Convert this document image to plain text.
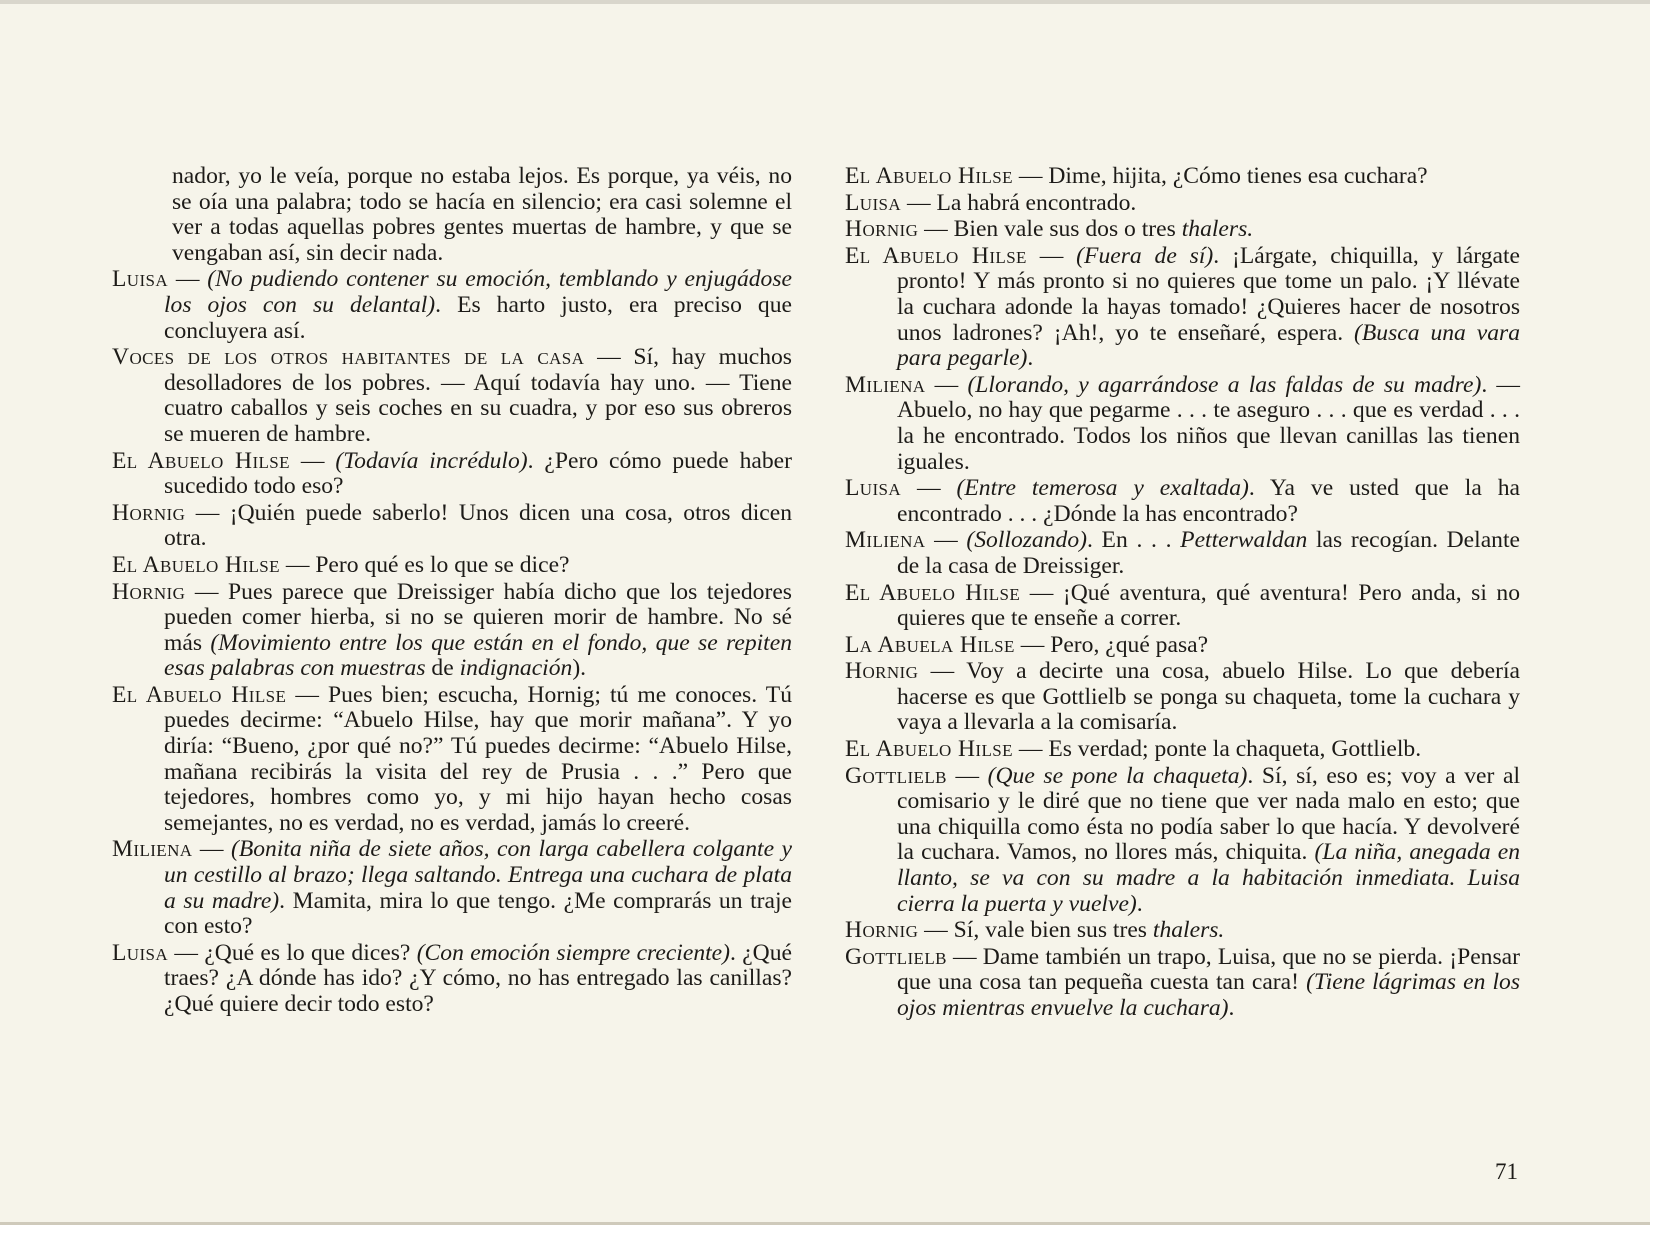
nador, yo le veía, porque no estaba lejos. Es porque, ya véis, no se oía una palabra; todo se hacía en silencio; era casi solemne el ver a todas aquellas pobres gentes muertas de hambre, y que se vengaban así, sin decir nada.
Luisa — (No pudiendo contener su emoción, temblando y enjugádose los ojos con su delantal). Es harto justo, era preciso que concluyera así.
Voces de los otros habitantes de la casa — Sí, hay muchos desolladores de los pobres. — Aquí todavía hay uno. — Tiene cuatro caballos y seis coches en su cuadra, y por eso sus obreros se mueren de hambre.
El Abuelo Hilse — (Todavía incrédulo). ¿Pero cómo puede haber sucedido todo eso?
Hornig — ¡Quién puede saberlo! Unos dicen una cosa, otros dicen otra.
El Abuelo Hilse — Pero qué es lo que se dice?
Hornig — Pues parece que Dreissiger había dicho que los tejedores pueden comer hierba, si no se quieren morir de hambre. No sé más (Movimiento entre los que están en el fondo, que se repiten esas palabras con muestras de indignación).
El Abuelo Hilse — Pues bien; escucha, Hornig; tú me conoces. Tú puedes decirme: “Abuelo Hilse, hay que morir mañana”. Y yo diría: “Bueno, ¿por qué no?” Tú puedes decirme: “Abuelo Hilse, mañana recibirás la visita del rey de Prusia . . .” Pero que tejedores, hombres como yo, y mi hijo hayan hecho cosas semejantes, no es verdad, no es verdad, jamás lo creeré.
Miliena — (Bonita niña de siete años, con larga cabellera colgante y un cestillo al brazo; llega saltando. Entrega una cuchara de plata a su madre). Mamita, mira lo que tengo. ¿Me comprarás un traje con esto?
Luisa — ¿Qué es lo que dices? (Con emoción siempre creciente). ¿Qué traes? ¿A dónde has ido? ¿Y cómo, no has entregado las canillas? ¿Qué quiere decir todo esto?
El Abuelo Hilse — Dime, hijita, ¿Cómo tienes esa cuchara?
Luisa — La habrá encontrado.
Hornig — Bien vale sus dos o tres thalers.
El Abuelo Hilse — (Fuera de sí). ¡Lárgate, chiquilla, y lárgate pronto! Y más pronto si no quieres que tome un palo. ¡Y llévate la cuchara adonde la hayas tomado! ¿Quieres hacer de nosotros unos ladrones? ¡Ah!, yo te enseñaré, espera. (Busca una vara para pegarle).
Miliena — (Llorando, y agarrándose a las faldas de su madre). — Abuelo, no hay que pegarme . . . te aseguro . . . que es verdad . . . la he encontrado. Todos los niños que llevan canillas las tienen iguales.
Luisa — (Entre temerosa y exaltada). Ya ve usted que la ha encontrado . . . ¿Dónde la has encontrado?
Miliena — (Sollozando). En . . . Petterwaldan las recogían. Delante de la casa de Dreissiger.
El Abuelo Hilse — ¡Qué aventura, qué aventura! Pero anda, si no quieres que te enseñe a correr.
La Abuela Hilse — Pero, ¿qué pasa?
Hornig — Voy a decirte una cosa, abuelo Hilse. Lo que debería hacerse es que Gottlielb se ponga su chaqueta, tome la cuchara y vaya a llevarla a la comisaría.
El Abuelo Hilse — Es verdad; ponte la chaqueta, Gottlielb.
Gottlielb — (Que se pone la chaqueta). Sí, sí, eso es; voy a ver al comisario y le diré que no tiene que ver nada malo en esto; que una chiquilla como ésta no podía saber lo que hacía. Y devolveré la cuchara. Vamos, no llores más, chiquita. (La niña, anegada en llanto, se va con su madre a la habitación inmediata. Luisa cierra la puerta y vuelve).
Hornig — Sí, vale bien sus tres thalers.
Gottlielb — Dame también un trapo, Luisa, que no se pierda. ¡Pensar que una cosa tan pequeña cuesta tan cara! (Tiene lágrimas en los ojos mientras envuelve la cuchara).
71
